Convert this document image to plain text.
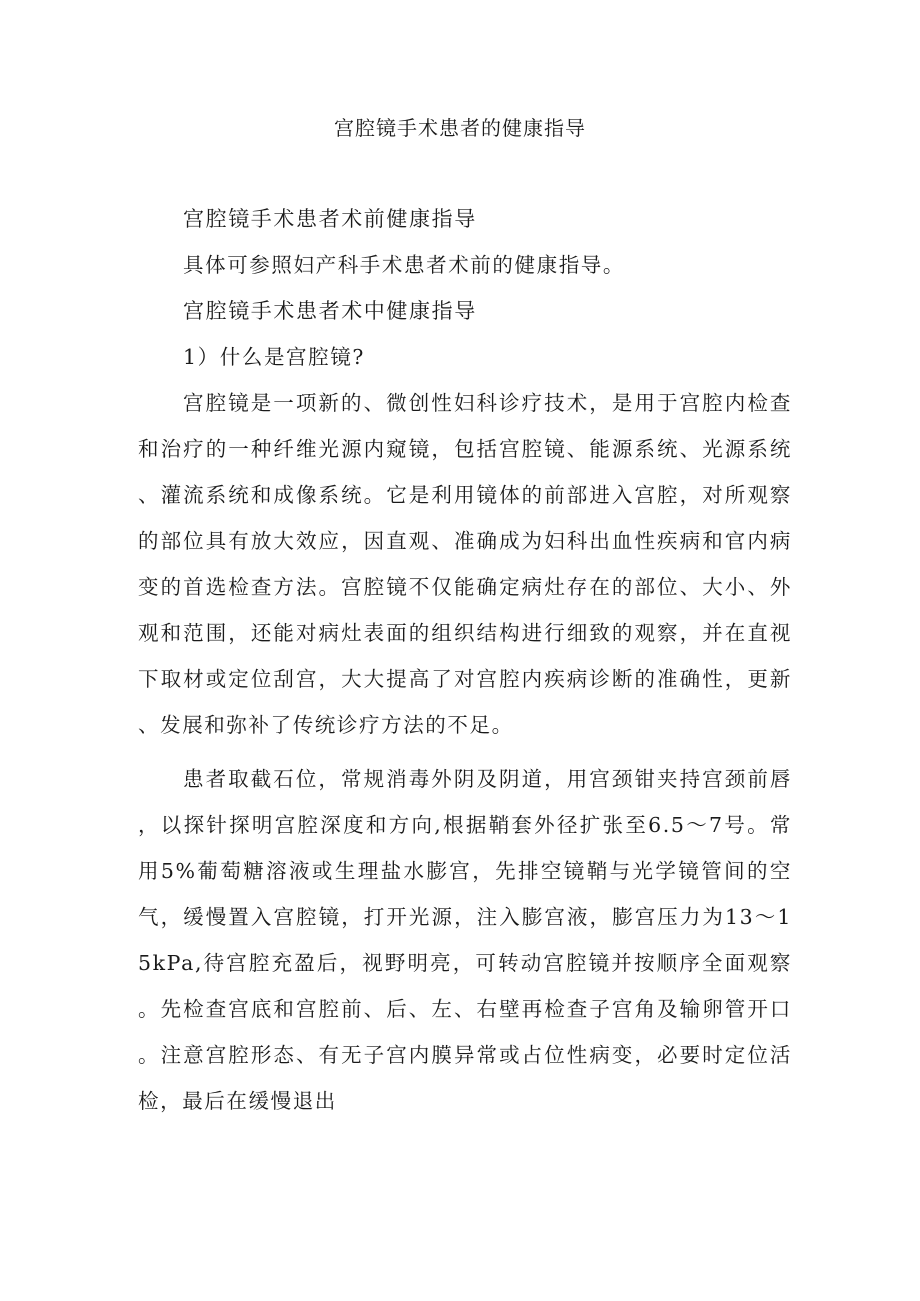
宫腔镜手术患者的健康指导

宫腔镜手术患者术前健康指导

具体可参照妇产科手术患者术前的健康指导。

宫腔镜手术患者术中健康指导

1）什么是宫腔镜?

宫腔镜是一项新的、微创性妇科诊疗技术，是用于宫腔内检查和治疗的一种纤维光源内窥镜，包括宫腔镜、能源系统、光源系统、灌流系统和成像系统。它是利用镜体的前部进入宫腔，对所观察的部位具有放大效应，因直观、准确成为妇科出血性疾病和官内病变的首选检查方法。宫腔镜不仅能确定病灶存在的部位、大小、外观和范围，还能对病灶表面的组织结构进行细致的观察，并在直视下取材或定位刮宫，大大提高了对宫腔内疾病诊断的准确性，更新、发展和弥补了传统诊疗方法的不足。

患者取截石位，常规消毒外阴及阴道，用宫颈钳夹持宫颈前唇，以探针探明宫腔深度和方向,根据鞘套外径扩张至6.5～7号。常用5%葡萄糖溶液或生理盐水膨宫，先排空镜鞘与光学镜管间的空气，缓慢置入宫腔镜，打开光源，注入膨宫液，膨宫压力为13～15kPa,待宫腔充盈后，视野明亮，可转动宫腔镜并按顺序全面观察。先检查宫底和宫腔前、后、左、右壁再检查子宫角及输卵管开口。注意宫腔形态、有无子宫内膜异常或占位性病变，必要时定位活检，最后在缓慢退出
